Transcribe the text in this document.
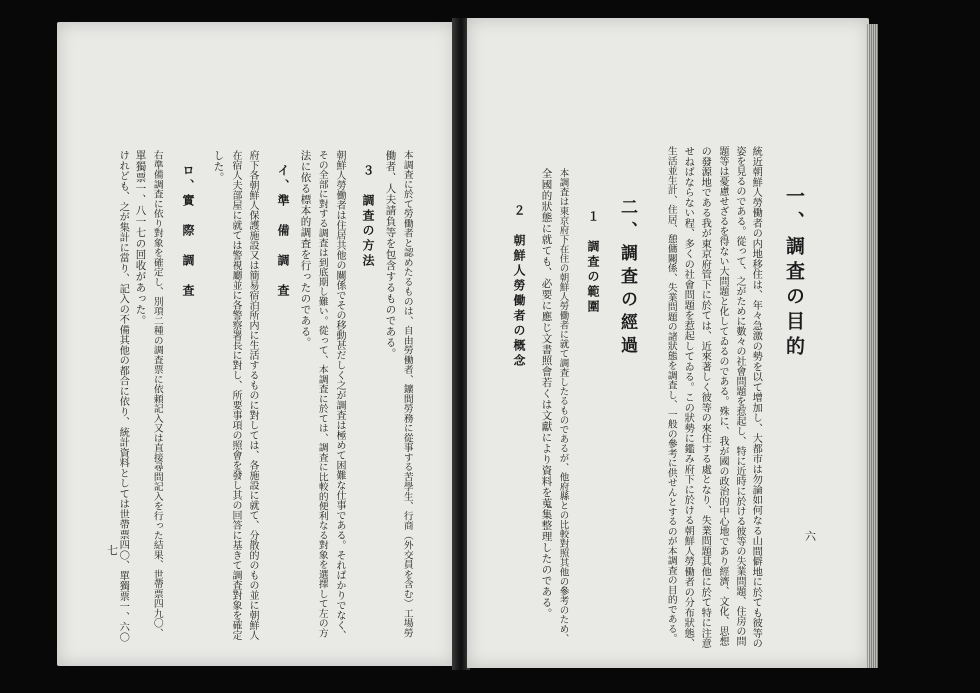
本調査に於て勞働者と認めたるものは、自由勞働者、鑛間勞務に從事する苦學生、行商（外交員を含む）工場勞
働者、人夫請負等を包含するものである。
３　調査の方法
朝鮮人勞働者は住居共他の關係でその移動甚だしく之が調査は極めて困難な仕事である。それぱかりでなく、
その全部に對する調査は到底期し難い。從って、本調査に於ては、調査に比較的便利なる對象を選擇して左の方
法に依る標本的調査を行ったのである。
イ、準　備　調　査
府下各朝鮮人保護施設又は簡易宿泊所内に生活するものに對しては、各施設に就て、分散的のもの並に朝鮮人
在宿人夫部屋に就ては警視廳並に各警察署長に對し、所要事項の照會を發し其の回答に基きて調査對象を確定
した。
ロ、實　際　調　査
右準備調査に依り對象を確定し、別項二種の調査票に依頼記入又は直接尋問記入を行った結果、世帶票四九〇、
單獨票一、八一七の回收があった。
けれども、之が集計に當り、記入の不備其他の都合に依り、統計資料としては世帶票四〇、單獨票一、六〇
七
一、調査の目的
統近朝鮮人勞働者の内地移住は、年々急激の勢を以て增加し、大都市は勿論如何なる山間僻地に於ても彼等の
姿を見るのである。從って、之がために數々の社會問題を惹起し、特に近時に於ける彼等の失業問題、住房の問
題等は憂慮せざるを得ない大問題と化してゐるのである。殊に、我が國の政治的中心地であり經濟、文化、思想
の發源地である我が東京府管下に於ては、近來著しく彼等の來住する處となり、失業問題其他に於て特に注意
せねばならない程、多くの社會問題を惹起してゐる。この狀勢に鑑み府下に於ける朝鮮人勞働者の分布狀態、
生活並生計、住居、憩傭關係、失業問題の諸狀態を調査し、一般の參考に供せんとするのが本調査の目的である。
二、調査の經過
１　調査の範圍
本調査は東京府下在住の朝鮮人勞働者に就て調査したるものであるが、他府縣との比較對照其他の參考のため、
全國的狀態に就ても、必要に應じ文書照會若くは文獻により資料を蒐集整理したのである。
２　朝鮮人勞働者の概念
六
